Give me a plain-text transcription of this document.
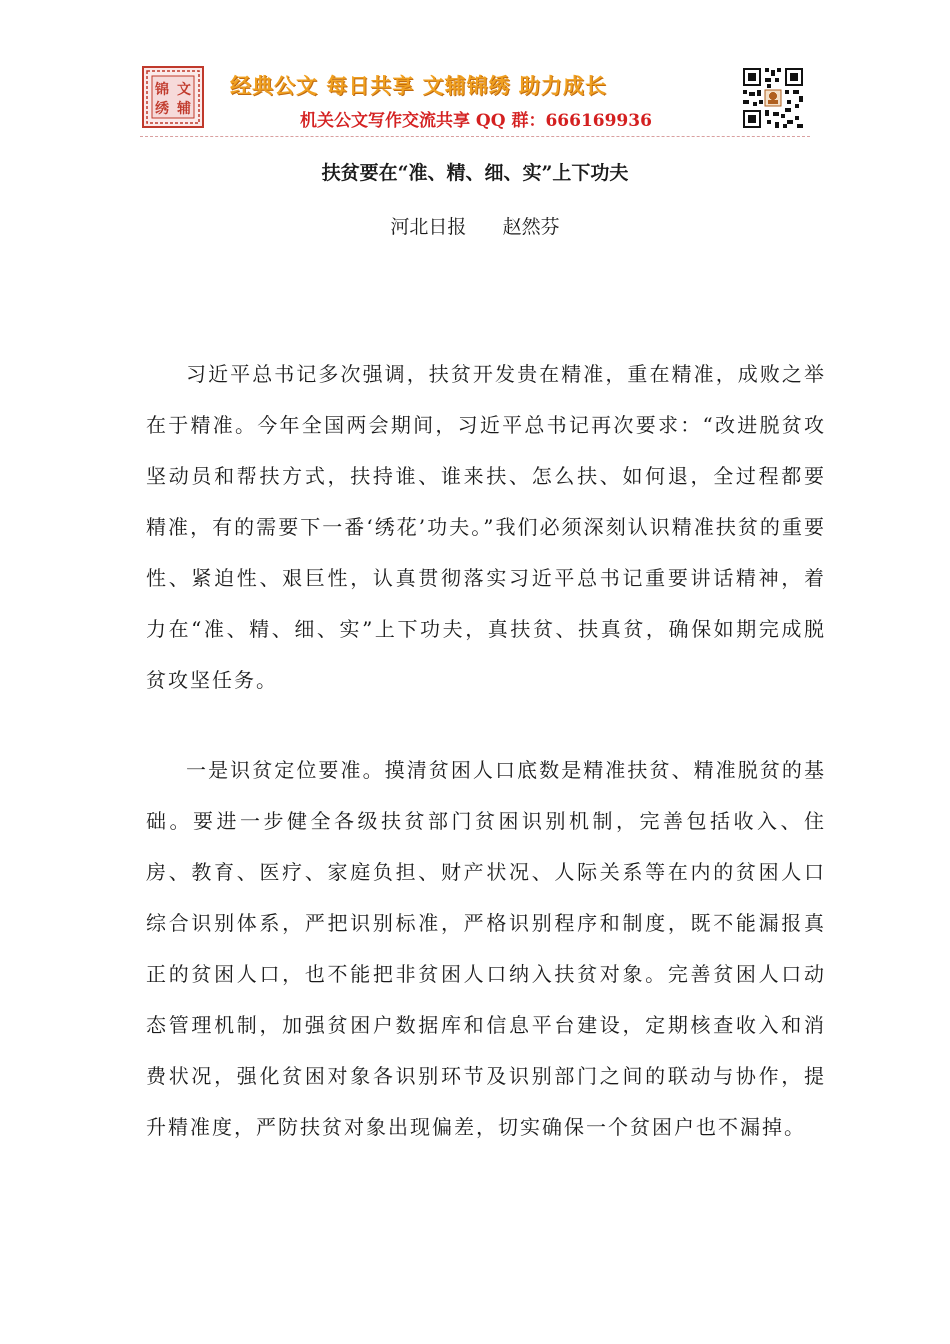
锦 文
绣 辅
经典公文 每日共享 文辅锦绣 助力成长
机关公文写作交流共享 QQ 群：666169936
扶贫要在“准、精、细、实”上下功夫
河北日报      赵然芬

习近平总书记多次强调，扶贫开发贵在精准，重在精准，成败之举在于精准。今年全国两会期间，习近平总书记再次要求：“改进脱贫攻坚动员和帮扶方式，扶持谁、谁来扶、怎么扶、如何退，全过程都要精准，有的需要下一番‘绣花’功夫。”我们必须深刻认识精准扶贫的重要性、紧迫性、艰巨性，认真贯彻落实习近平总书记重要讲话精神，着力在“准、精、细、实”上下功夫，真扶贫、扶真贫，确保如期完成脱贫攻坚任务。

一是识贫定位要准。摸清贫困人口底数是精准扶贫、精准脱贫的基础。要进一步健全各级扶贫部门贫困识别机制，完善包括收入、住房、教育、医疗、家庭负担、财产状况、人际关系等在内的贫困人口综合识别体系，严把识别标准，严格识别程序和制度，既不能漏报真正的贫困人口，也不能把非贫困人口纳入扶贫对象。完善贫困人口动态管理机制，加强贫困户数据库和信息平台建设，定期核查收入和消费状况，强化贫困对象各识别环节及识别部门之间的联动与协作，提升精准度，严防扶贫对象出现偏差，切实确保一个贫困户也不漏掉。
